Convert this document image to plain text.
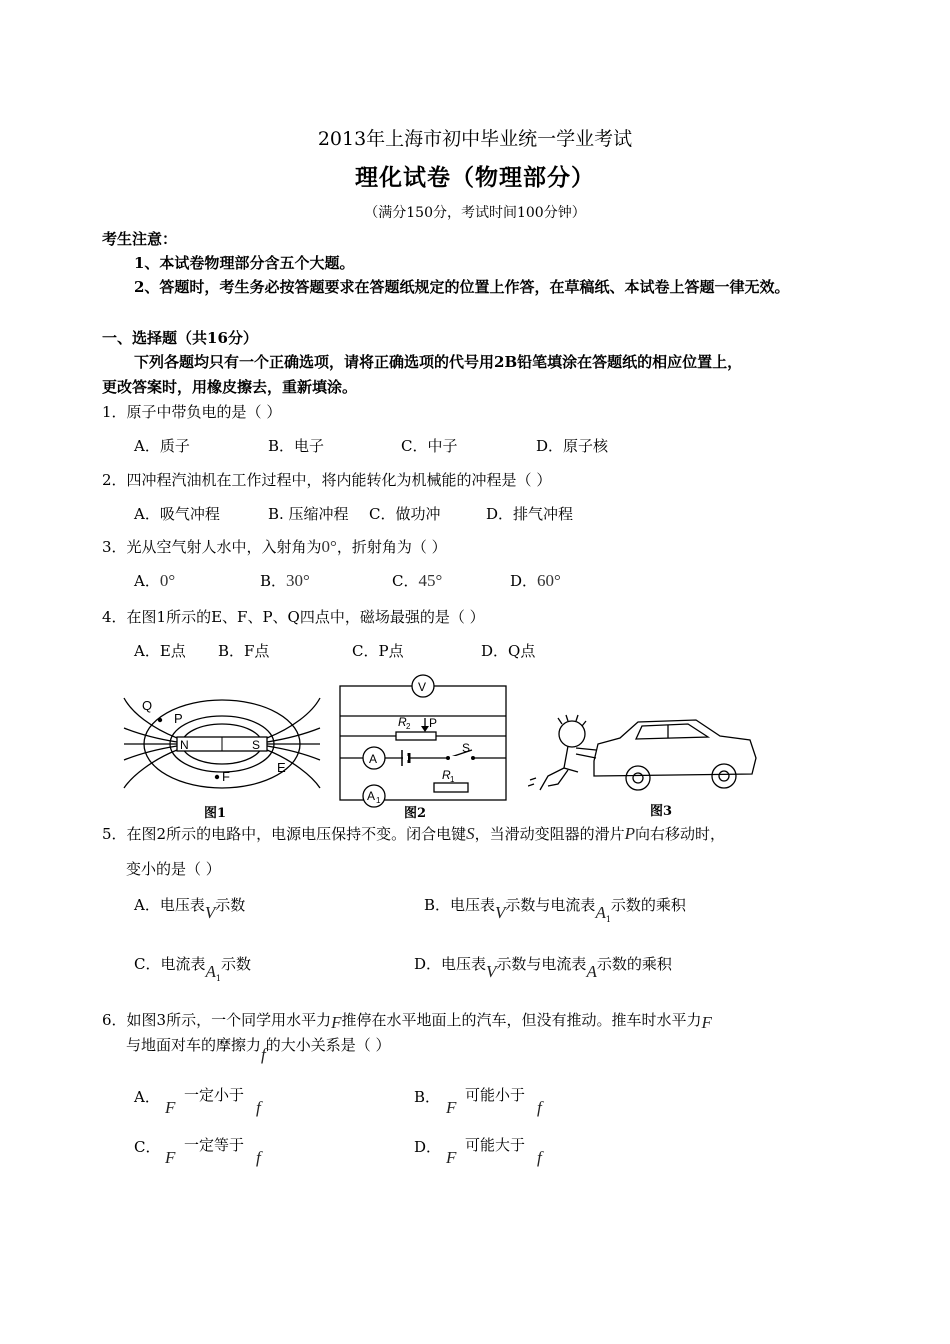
2013年上海市初中毕业统一学业考试
理化试卷（物理部分）
（满分150分，考试时间100分钟）
考生注意：
1、本试卷物理部分含五个大题。
2、答题时，考生务必按答题要求在答题纸规定的位置上作答，在草稿纸、本试卷上答题一律无效。
一、选择题（共16分）
下列各题均只有一个正确选项，请将正确选项的代号用2B铅笔填涂在答题纸的相应位置上，
更改答案时，用橡皮擦去，重新填涂。
1．原子中带负电的是（ ）
A．质子	B．电子	C．中子	D．原子核
2．四冲程汽油机在工作过程中，将内能转化为机械能的冲程是（ ）
A．吸气冲程	B. 压缩冲程 C．做功冲	D．排气冲程
3．光从空气射人水中，入射角为0°，折射角为（ ）
A．0°	B．30°	C．45°	D．60°
4．在图1所示的E、F、P、Q四点中，磁场最强的是（ ）
A．E点 B．F点	C．P点	D．Q点
N	S
Q
P
E
F
图1
V
A
A 1
R 2 P
S
R 1
图2	图3
5．在图2所示的电路中，电源电压保持不变。闭合电键S，当滑动变阻器的滑片P向右移动时，
变小的是（ ）
A．电压表V示数	B．电压表V示数与电流表$A_1$示数的乘积
C．电流表$A_1$示数	D．电压表V示数与电流表A示数的乘积
6．如图3所示，一个同学用水平力F推停在水平地面上的汽车，但没有推动。推车时水平力F
与地面对车的摩擦力f的大小关系是（ ）
A．
F
一定小于
f
B．
F
可能小于
f
C．
F
一定等于
f
D．
F
可能大于
f
